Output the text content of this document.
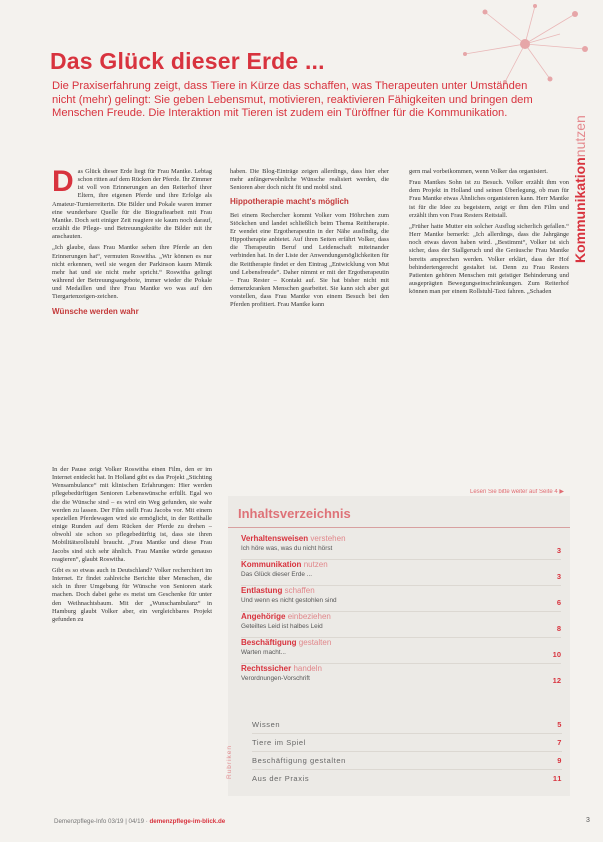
Das Glück dieser Erde ...
Die Praxiserfahrung zeigt, dass Tiere in Kürze das schaffen, was Therapeuten unter Umständen nicht (mehr) gelingt: Sie geben Lebensmut, motivieren, reaktivieren Fähigkeiten und bringen dem Menschen Freude. Die Interaktion mit Tieren ist zudem ein Türöffner für die Kommunikation.
Kommunikationnutzen

Das Glück dieser Erde liegt für Frau Mantke. Lebtag schon ritten auf dem Rücken der Pferde. Ihr Zimmer ist voll von Erinnerungen an den Reiterhof ihrer Eltern, ihre eigenen Pferde und ihre Erfolge als Amateur-Turnierreiterin. Die Bilder und Pokale waren immer eine wunderbare Quelle für die Biografiearbeit mit Frau Mantke. Doch seit einiger Zeit reagiere sie kaum noch darauf, erzählt die Pflege- und Betreuungskräfte die Bilder mit ihr anschauten.

„Ich glaube, dass Frau Mantke sehen ihre Pferde an den Erinnerungen hat“, vermuten Roswitha. „Wir können es nur nicht erkennen, weil sie wegen der Parkinson kaum Mimik mehr hat und sie nicht mehr spricht.“ Roswitha gelingt während der Betreuungsangebote, immer wieder die Pokale und Medaillen und ihre Frau Mantke wo was auf den Tiergartenzeigen-zeichen.

Wünsche werden wahr

In der Pause zeigt Volker Roswitha einen Film, den er im Internet entdeckt hat. In Holland gibt es das Projekt „Stichting Wensambulance“ mit klinischen Erfahrungen: Hier werden pflegebedürftigen Senioren Lebenswünsche erfüllt. Egal wo die die Wünsche sind – es wird ein Weg gefunden, sie wahr werden zu lassen. Der Film stellt Frau Jacobs vor. Mit einem speziellen Pferdewagen wird sie ermöglicht, in der Reithalle einige Runden auf dem Rücken der Pferde zu drehen – obwohl sie schon so pflegebedürftig ist, dass sie ihren Mobilitätsrollstuhl braucht. „Frau Mantke und diese Frau Jacobs sind sich sehr ähnlich. Frau Mantke würde genauso reagieren“, glaubt Roswitha.

Gibt es so etwas auch in Deutschland? Volker recherchiert im Internet. Er findet zahlreiche Berichte über Menschen, die sich in ihrer Umgebung für Wünsche von Senioren stark machen. Doch dabei gehe es meist um Geschenke für unter den Weihnachtsbaum. Mit der „Wunschambulanz“ in Hamburg glaubt Volker aber, ein vergleichbares Projekt gefunden zu

haben. Die Blog-Einträge zeigen allerdings, dass hier eher mehr anfängerwohnliche Wünsche realisiert werden, die Senioren aber doch nicht fit und mobil sind.

Hippotherapie macht's möglich

Bei einem Rechercher kommt Volker vom Höhrchen zum Stöckchen und landet schließlich beim Thema Reittherapie. Er wendet eine Ergotherapeutin in der Nähe ausfindig, die Hippotherapie anbietet. Auf ihren Seiten erfährt Volker, dass die Therapeutin Beruf und Leidenschaft miteinander verbinden hat. In der Liste der Anwendungsmöglichkeiten für die Reittherapie findet er den Eintrag „Entwicklung von Mut und Lebensfreude“. Daher nimmt er mit der Ergotherapeutin – Frau Rester – Kontakt auf. Sie hat bisher nicht mit demenzkranken Menschen gearbeitet. Sie kann sich aber gut vorstellen, dass Frau Mantke von einem Besuch bei den Pferden profitiert. Frau Mantke kann

gern mal vorbeikommen, wenn Volker das organisiert.

Frau Mantkes Sohn ist zu Besuch. Volker erzählt ihm von dem Projekt in Holland und seinen Überlegung, ob man für Frau Mantke etwas Ähnliches organisieren kann. Herr Mantke ist für die Idee zu begeistern, zeigt er ihm den Film und erzählt ihm von Frau Resters Reitstall.

„Früher hatte Mutter ein solcher Ausflug sicherlich gefallen.“ Herr Mantke bemerkt: „Ich allerdings, dass die Jahrgänge noch etwas davon haben wird. „Bestimmt“, Volker ist sich sicher, dass der Stallgeruch und die Geräusche Frau Mantke bereits ansprechen werden. Volker erklärt, dass der Hof behindertengerecht gestaltet ist. Denn zu Frau Resters Patienten gehören Menschen mit geistiger Behinderung und ausgeprägten Bewegungseinschränkungen. Zum Reiterhof können man per einem Rollstuhl-Taxi fahren. „Schaden

Lesen Sie bitte weiter auf Seite 4 ▶
Inhaltsverzeichnis
Verhaltensweisen verstehen
Ich höre was, was du nicht hörst	3
Kommunikation nutzen
Das Glück dieser Erde ...	3
Entlastung schaffen
Und wenn es nicht gestohlen sind	6
Angehörige einbeziehen
Geteiltes Leid ist halbes Leid	8
Beschäftigung gestalten
Warten macht...	10
Rechtssicher handeln
Verordnungen-Vorschrift	12
Rubriken
Wissen	5
Tiere im Spiel	7
Beschäftigung gestalten	9
Aus der Praxis	11
Demenzpflege-Info 03/19 | 04/19 · demenzpflege-im-blick.de	3
